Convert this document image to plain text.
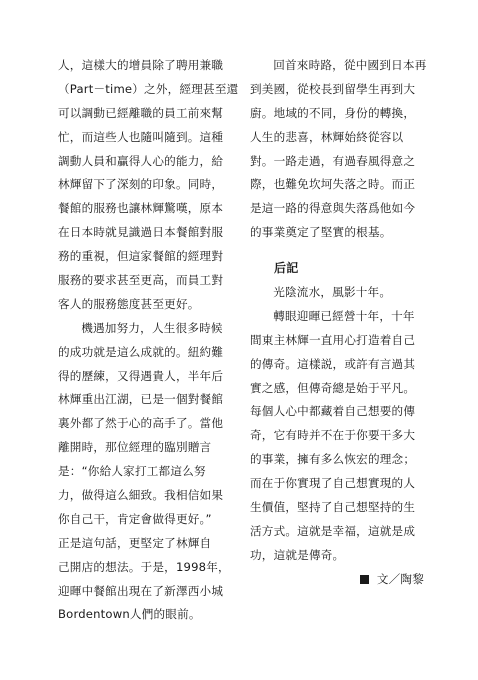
人，這樣大的增員除了聘用兼職
（Part－time）之外，經理甚至還
可以調動已經離職的員工前來幫
忙，而這些人也隨叫隨到。這種
調動人員和贏得人心的能力，給
林輝留下了深刻的印象。同時，
餐館的服務也讓林輝驚嘆，原本
在日本時就見識過日本餐館對服
務的重視，但這家餐館的經理對
服務的要求甚至更高，而員工對
客人的服務態度甚至更好。
機遇加努力，人生很多時候
的成功就是這么成就的。紐約難
得的歷練，又得遇貴人，半年后
林輝重出江湖，已是一個對餐館
裏外都了然于心的高手了。當他
離開時，那位經理的臨別贈言
是：“你給人家打工都這么努
力，做得這么細致。我相信如果
你自己干，肯定會做得更好。”
正是這句話，更堅定了林輝自
己開店的想法。于是，1998年，
迎暉中餐館出現在了新澤西小城
Bordentown人們的眼前。
回首來時路，從中國到日本再
到美國，從校長到留學生再到大
廚。地域的不同，身份的轉換，
人生的悲喜，林輝始終從容以
對。一路走過，有過春風得意之
際，也難免坎坷失落之時。而正
是這一路的得意與失落爲他如今
的事業奠定了堅實的根基。
后記
光陰流水，風影十年。
轉眼迎暉已經營十年，十年
間東主林輝一直用心打造着自己
的傳奇。這樣説，或許有言過其
實之感，但傳奇總是始于平凡。
每個人心中都藏着自己想要的傳
奇，它有時并不在于你要干多大
的事業，擁有多么恢宏的理念；
而在于你實現了自己想實現的人
生價值，堅持了自己想堅持的生
活方式。這就是幸福，這就是成
功，這就是傳奇。
文／陶黎
